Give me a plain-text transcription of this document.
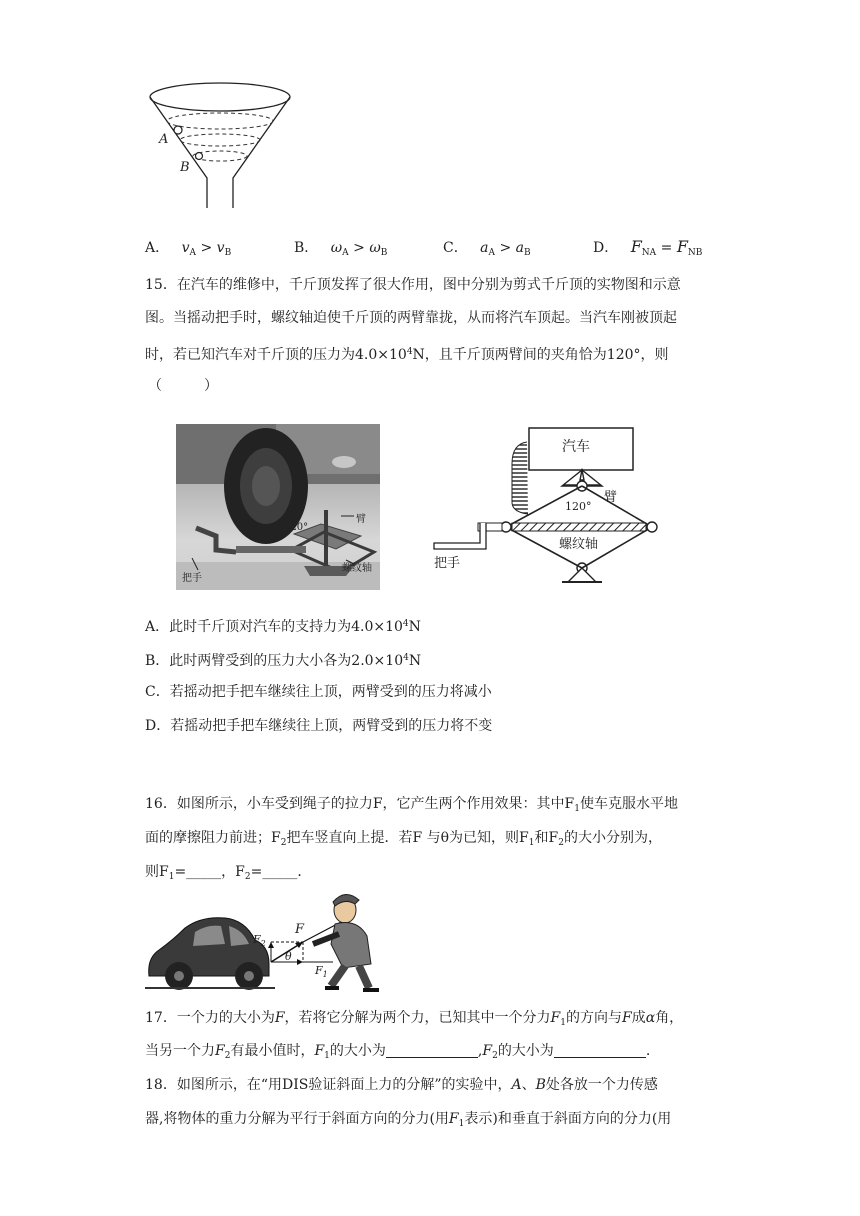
A
B
A． $v_A > v_B$	B． $\omega_A > \omega_B$	C． $a_A > a_B$	D． $F_{NA} = F_{NB}$
15．在汽车的维修中，千斤顶发挥了很大作用，图中分别为剪式千斤顶的实物图和示意
图。当摇动把手时，螺纹轴迫使千斤顶的两臂靠拢，从而将汽车顶起。当汽车刚被顶起
时，若已知汽车对千斤顶的压力为$4.0\times 10^4N$，且千斤顶两臂间的夹角恰为120°，则
（　　　）
120°
臂
螺纹轴
把手
汽车
臂
120°
螺纹轴
把手
A．此时千斤顶对汽车的支持力为$4.0\times 10^4N$
B．此时两臂受到的压力大小各为$2.0\times 10^4N$
C．若摇动把手把车继续往上顶，两臂受到的压力将减小
D．若摇动把手把车继续往上顶，两臂受到的压力将不变
16．如图所示，小车受到绳子的拉力F，它产生两个作用效果：其中$F_1$使车克服水平地
面的摩擦阻力前进；$F_2$把车竖直向上提．若F 与θ为已知，则$F_1$和$F_2$的大小分别为，
则$F_1=\_\_\_\_\_$，$F_2=\_\_\_\_\_$．
F
$F_2$
$F_1$
θ
17．一个力的大小为F，若将它分解为两个力，已知其中一个分力$F_1$的方向与F成α角，
当另一个力$F_2$有最小值时，$F_1$的大小为	$,F_2$的大小为	.
18．如图所示，在“用DIS验证斜面上力的分解”的实验中，A、B处各放一个力传感
器,将物体的重力分解为平行于斜面方向的分力(用$F_1$表示)和垂直于斜面方向的分力(用
